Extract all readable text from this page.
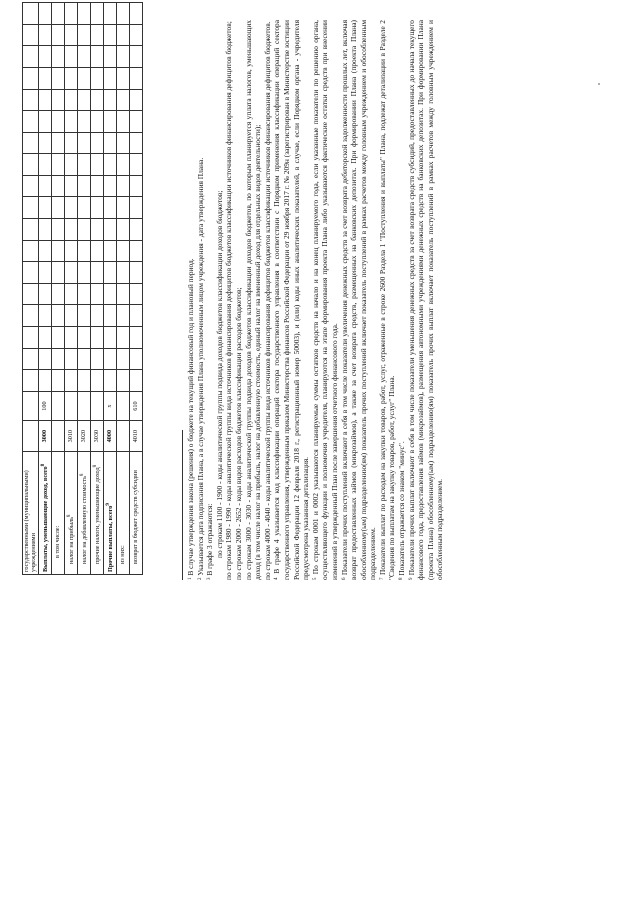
государственными (муниципальными) учреждениями																				
Выплаты, уменьшающие доход, всего$^8$	3000	100																		
в том числе:																				
налог на прибыль$^8$	3010																			
налог на добавленную стоимость$^8$	3020																			
прочие налоги, уменьшающие доход$^8$	3030																			
Прочие выплаты, всего$^9$	4000	х																		
из них:																				
возврат в бюджет средств субсидии	4010	610																		

$^1$ В случае утверждения закона (решения) о бюджете на текущий финансовый год и плановый период.

$^2$ Указывается дата подписания Плана, а в случае утверждения Плана уполномоченным лицом учреждения - дата утверждения Плана.

$^3$ В графе 3 отражаются: по строкам 1100 - 1900 - коды аналитической группы подвида доходов бюджетов классификации доходов бюджетов; по строкам 1980 - 1990 - коды аналитической группы вида источников финансирования дефицитов бюджетов классификации источников финансирования дефицитов бюджетов; по строкам 2000 - 2652 - коды видов расходов бюджетов классификации расходов бюджетов; по строкам 3000 - 3030 - коды аналитической группы подвида доходов бюджетов классификации доходов бюджетов, по которым планируется уплата налогов, уменьшающих доход (в том числе налог на прибыль, налог на добавленную стоимость, единый налог на вмененный доход для отдельных видов деятельности); по строкам 4000 - 4040 - коды аналитической группы вида источников финансирования дефицитов бюджетов классификации источников финансирования дефицитов бюджетов. $^4$ В графе 4 указывается код классификации операций сектора государственного управления в соответствии с Порядком применения классификации операций сектора государственного управления, утвержденным приказом Министерства финансов Российской Федерации от 29 ноября 2017 г. № 209н (зарегистрирован в Министерстве юстиции Российской Федерации 12 февраля 2018 г., регистрационный номер 50003), и (или) коды иных аналитических показателей, в случае, если Порядком органа - учредителя предусмотрена указанная детализация. $^5$ По строкам 0001 и 0002 указываются планируемые суммы остатков средств на начало и на конец планируемого года, если указанные показатели по решению органа, осуществляющего функции и полномочия учредителя, планируются на этапе формирования проекта Плана либо указываются фактические остатки средств при внесении изменений в утвержденный План после завершения отчетного финансового года. $^6$ Показатели прочих поступлений включают в себя в том числе показатели увеличения денежных средств за счет возврата дебиторской задолженности прошлых лет, включая возврат предоставленных займов (микрозаймов), а также за счет возврата средств, размещенных на банковских депозитах. При формировании Плана (проекта Плана) обособленному(ым) подразделению(ям) показатель прочих поступлений включает показатель поступлений в рамках расчетов между головным учреждением и обособленным подразделением. $^7$ Показатели выплат по расходам на закупки товаров, работ, услуг, отраженные в строке 2600 Раздела 1 "Поступления и выплаты" Плана, подлежат детализации в Разделе 2 "Сведения по выплатам на закупку товаров, работ, услуг" Плана. $^8$ Показатель отражается со знаком "минус".

$^9$ Показатели прочих выплат включают в себя в том числе показатели уменьшения денежных средств за счет возврата средств субсидий, предоставленных до начала текущего финансового года, предоставления займов (микрозаймов), размещения автономными учреждениями денежных средств на банковских депозитах. При формировании Плана (проекта Плана) обособленному(ым) подразделению(ям) показатель прочих выплат включает показатель поступлений в рамках расчетов между головным учреждением и обособленным подразделением.
